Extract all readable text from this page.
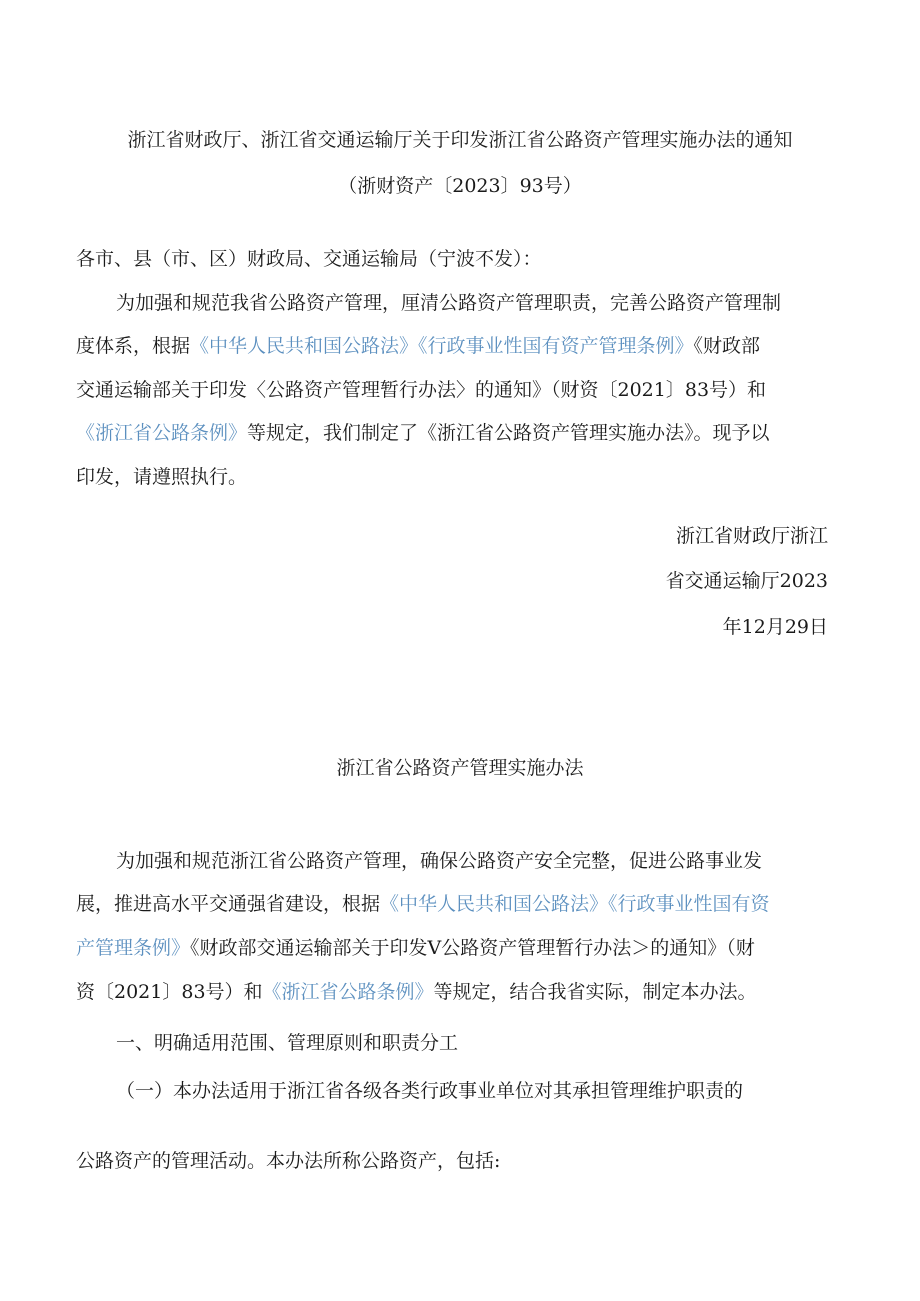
浙江省财政厅、浙江省交通运输厅关于印发浙江省公路资产管理实施办法的通知
（浙财资产〔2023〕93号）
各市、县（市、区）财政局、交通运输局（宁波不发）：
为加强和规范我省公路资产管理，厘清公路资产管理职责，完善公路资产管理制
度体系，根据《中华人民共和国公路法》《行政事业性国有资产管理条例》《财政部
交通运输部关于印发〈公路资产管理暂行办法〉的通知》（财资〔2021〕83号）和
《浙江省公路条例》等规定，我们制定了《浙江省公路资产管理实施办法》。现予以
印发，请遵照执行。
浙江省财政厅浙江
省交通运输厅2023
年12月29日
浙江省公路资产管理实施办法
为加强和规范浙江省公路资产管理，确保公路资产安全完整，促进公路事业发
展，推进高水平交通强省建设，根据《中华人民共和国公路法》《行政事业性国有资
产管理条例》《财政部交通运输部关于印发Ⅴ公路资产管理暂行办法＞的通知》（财
资〔2021〕83号）和《浙江省公路条例》等规定，结合我省实际，制定本办法。
一、明确适用范围、管理原则和职责分工
（一）本办法适用于浙江省各级各类行政事业单位对其承担管理维护职责的
公路资产的管理活动。本办法所称公路资产，包括:
